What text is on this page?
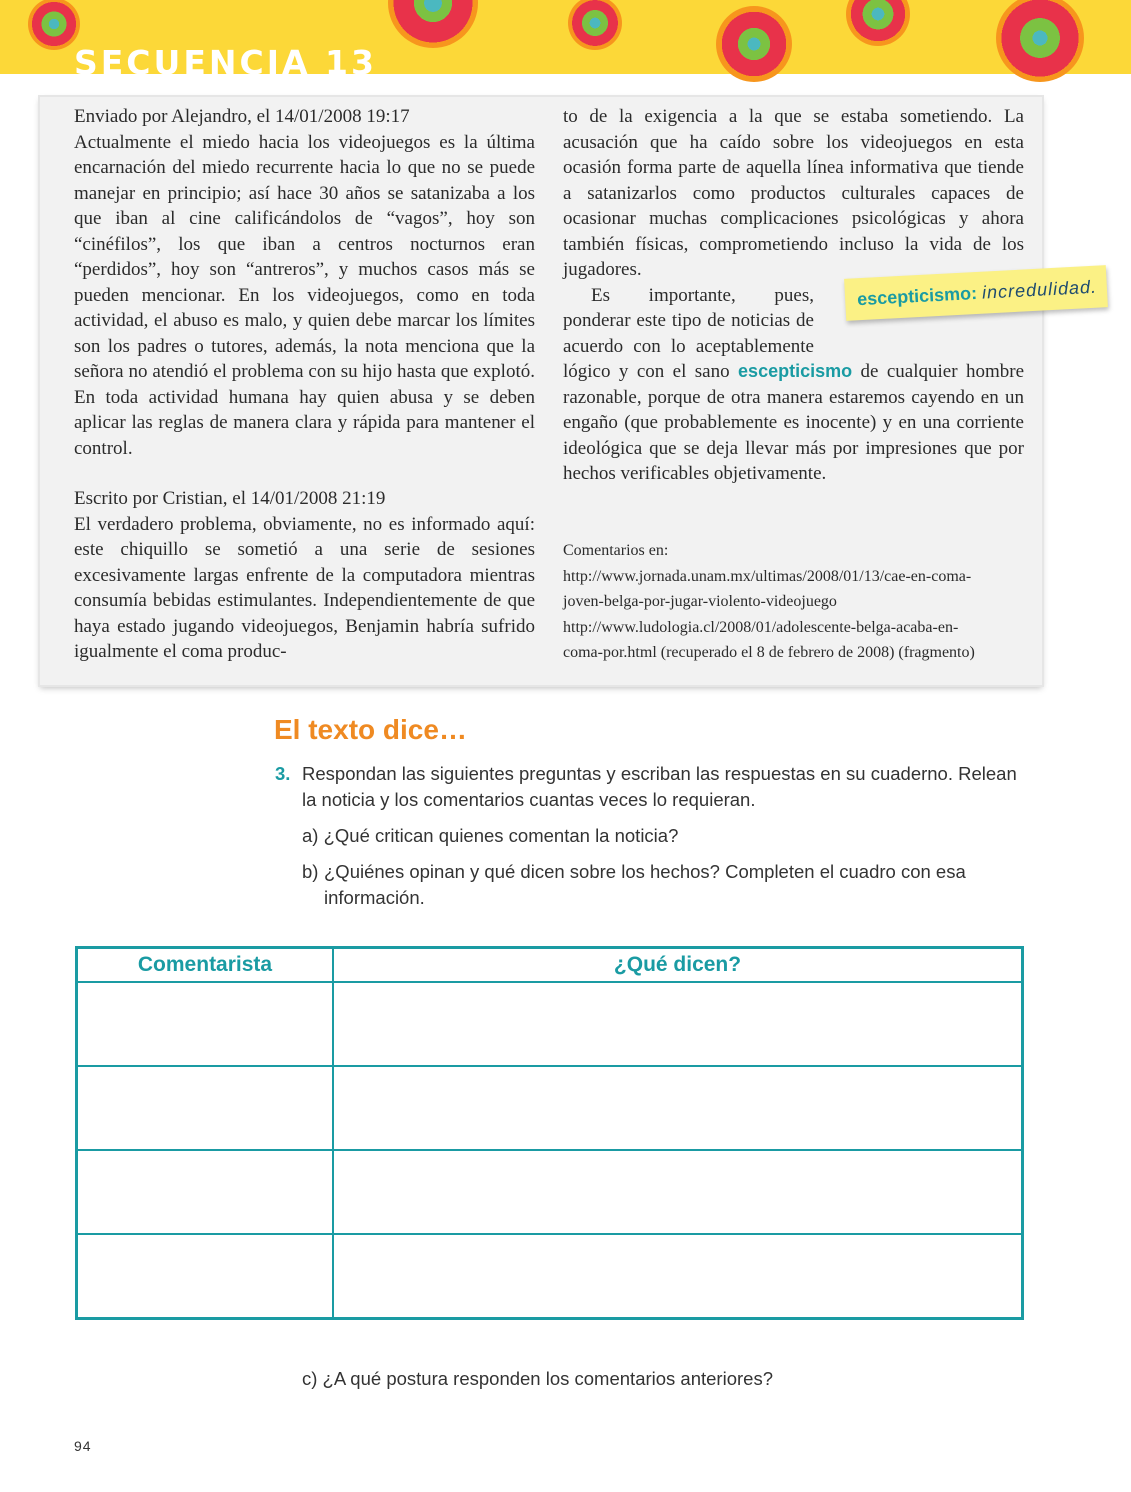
SECUENCIA 13

Enviado por Alejandro, el 14/01/2008 19:17

Actualmente el miedo hacia los videojuegos es la última encarnación del miedo recurrente hacia lo que no se puede manejar en principio; así hace 30 años se satanizaba a los que iban al cine calificándolos de “vagos”, hoy son “cinéfilos”, los que iban a centros nocturnos eran “perdidos”, hoy son “antreros”, y muchos casos más se pueden mencionar. En los videojuegos, como en toda actividad, el abuso es malo, y quien debe marcar los límites son los padres o tutores, además, la nota menciona que la señora no atendió el problema con su hijo hasta que explotó. En toda actividad humana hay quien abusa y se deben aplicar las reglas de manera clara y rápida para mantener el control.

Escrito por Cristian, el 14/01/2008 21:19

El verdadero problema, obviamente, no es informado aquí: este chiquillo se sometió a una serie de sesiones excesivamente largas enfrente de la computadora mientras consumía bebidas estimulantes. Independientemente de que haya estado jugando videojuegos, Benjamin habría sufrido igualmente el coma produc-

to de la exigencia a la que se estaba sometiendo. La acusación que ha caído sobre los videojuegos en esta ocasión forma parte de aquella línea informativa que tiende a satanizarlos como productos culturales capaces de ocasionar muchas complicaciones psicológicas y ahora también físicas, comprometiendo incluso la vida de los jugadores.

Es importante, pues, ponderar este tipo de noticias de acuerdo con lo aceptablemente lógico y con el sano escepticismo de cualquier hombre razonable, porque de otra manera estaremos cayendo en un engaño (que probablemente es inocente) y en una corriente ideológica que se deja llevar más por impresiones que por hechos verificables objetivamente.

Comentarios en:

http://www.jornada.unam.mx/ultimas/2008/01/13/cae-en-coma-

joven-belga-por-jugar-violento-videojuego

http://www.ludologia.cl/2008/01/adolescente-belga-acaba-en-

coma-por.html (recuperado el 8 de febrero de 2008) (fragmento)

escepticismo: incredulidad.
El texto dice…
3. Respondan las siguientes preguntas y escriban las respuestas en su cuaderno. Relean la noticia y los comentarios cuantas veces lo requieran.
a) ¿Qué critican quienes comentan la noticia?
b) ¿Quiénes opinan y qué dicen sobre los hechos? Completen el cuadro con esa información.
Comentarista	¿Qué dicen?

c) ¿A qué postura responden los comentarios anteriores?
94
